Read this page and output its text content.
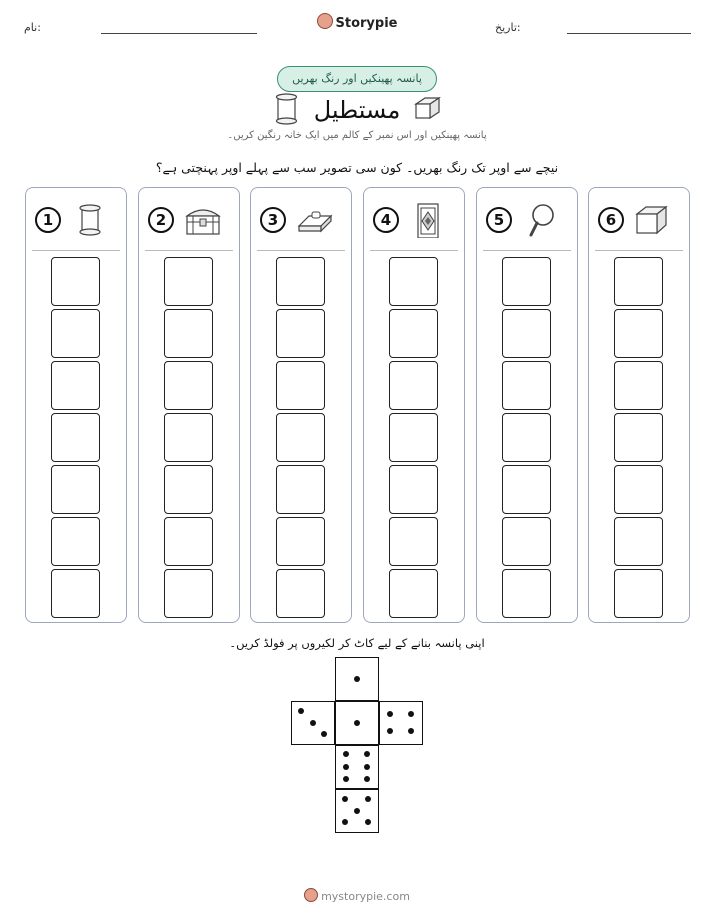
نام:	Storypie	تاریخ:
پانسہ پھینکیں اور رنگ بھریں
مستطیل
پانسہ پھینکیں اور اس نمبر کے کالم میں ایک خانہ رنگین کریں۔
نیچے سے اوپر تک رنگ بھریں۔ کون سی تصویر سب سے پہلے اوپر پہنچتی ہے؟
1	2	3	4	5	6
اپنی پانسہ بنانے کے لیے کاٹ کر لکیروں پر فولڈ کریں۔
mystorypie.com
